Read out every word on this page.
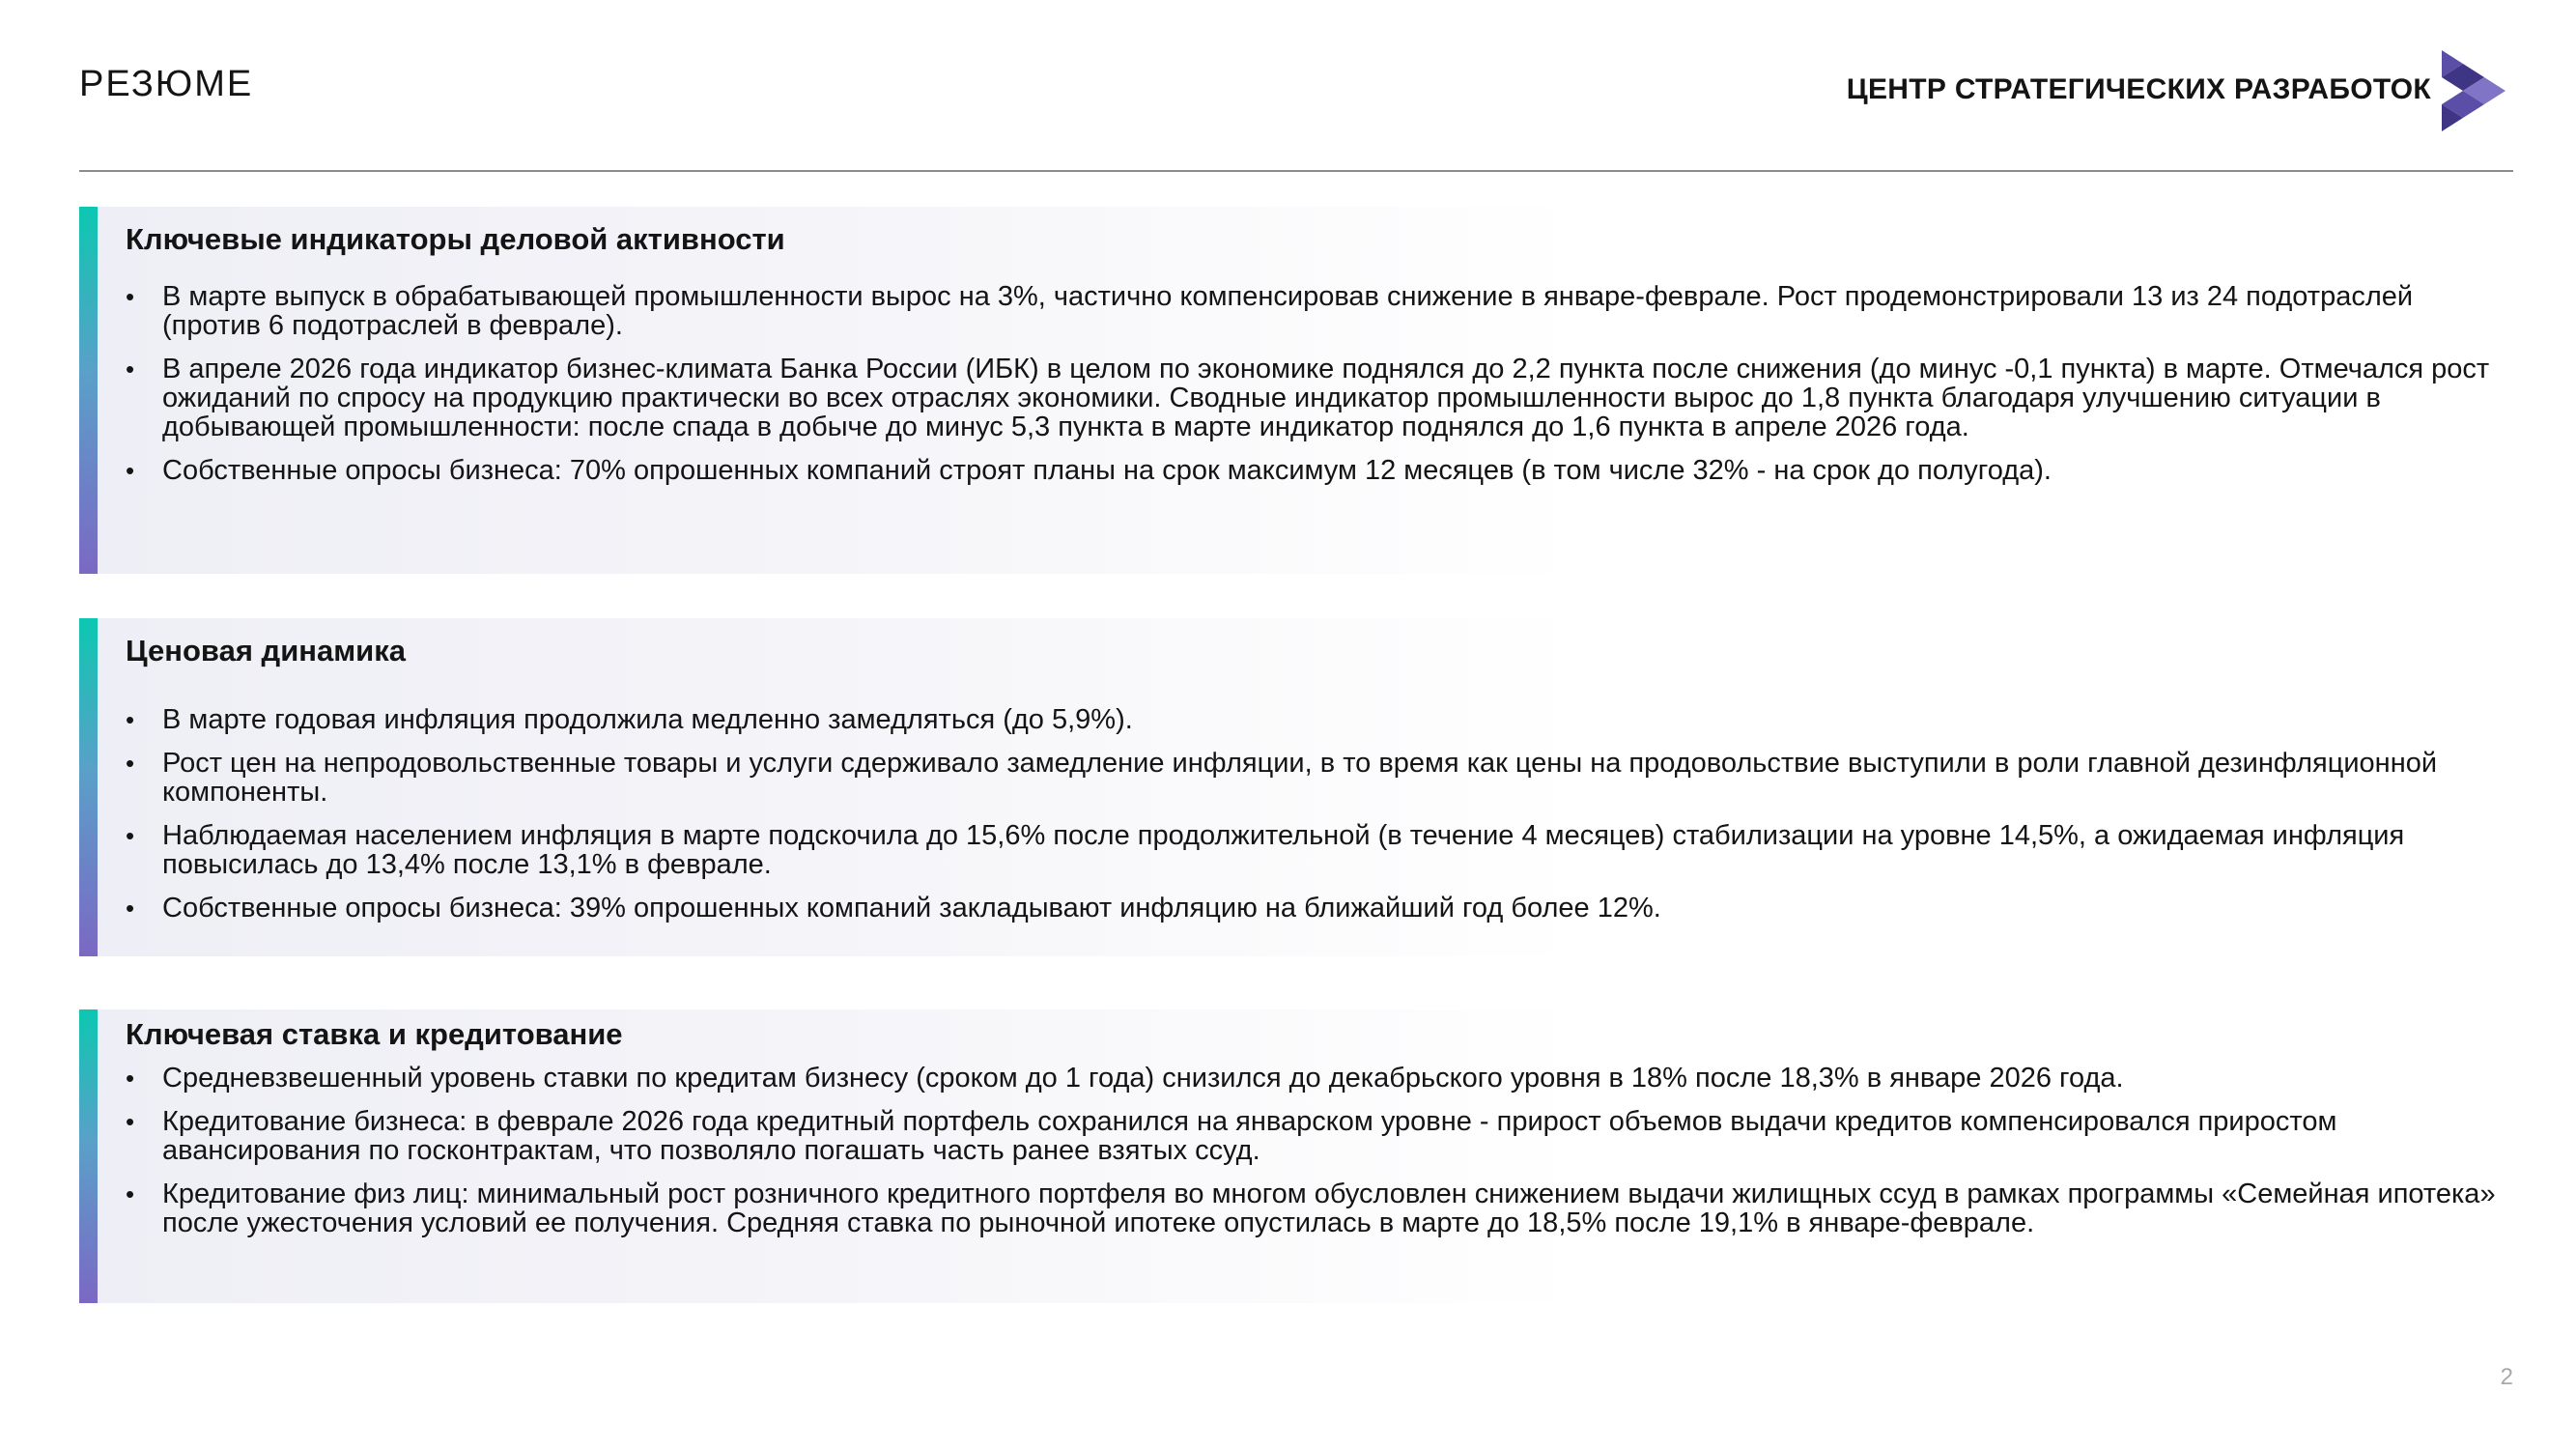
РЕЗЮМЕ	ЦЕНТР СТРАТЕГИЧЕСКИХ РАЗРАБОТОК
Ключевые индикаторы деловой активности
• В марте выпуск в обрабатывающей промышленности вырос на 3%, частично компенсировав снижение в январе-феврале. Рост продемонстрировали 13 из 24 подотраслей (против 6 подотраслей в феврале).
• В апреле 2026 года индикатор бизнес-климата Банка России (ИБК) в целом по экономике поднялся до 2,2 пункта после снижения (до минус -0,1 пункта) в марте. Отмечался рост ожиданий по спросу на продукцию практически во всех отраслях экономики. Сводные индикатор промышленности вырос до 1,8 пункта благодаря улучшению ситуации в добывающей промышленности: после спада в добыче до минус 5,3 пункта в марте индикатор поднялся до 1,6 пункта в апреле 2026 года.
• Собственные опросы бизнеса: 70% опрошенных компаний строят планы на срок максимум 12 месяцев (в том числе 32% - на срок до полугода).
Ценовая динамика
• В марте годовая инфляция продолжила медленно замедляться (до 5,9%).
• Рост цен на непродовольственные товары и услуги сдерживало замедление инфляции, в то время как цены на продовольствие выступили в роли главной дезинфляционной компоненты.
• Наблюдаемая населением инфляция в марте подскочила до 15,6% после продолжительной (в течение 4 месяцев) стабилизации на уровне 14,5%, а ожидаемая инфляция повысилась до 13,4% после 13,1% в феврале.
• Собственные опросы бизнеса: 39% опрошенных компаний закладывают инфляцию на ближайший год более 12%.
Ключевая ставка и кредитование
• Средневзвешенный уровень ставки по кредитам бизнесу (сроком до 1 года) снизился до декабрьского уровня в 18% после 18,3% в январе 2026 года.
• Кредитование бизнеса: в феврале 2026 года кредитный портфель сохранился на январском уровне - прирост объемов выдачи кредитов компенсировался приростом авансирования по госконтрактам, что позволяло погашать часть ранее взятых ссуд.
• Кредитование физ лиц: минимальный рост розничного кредитного портфеля во многом обусловлен снижением выдачи жилищных ссуд в рамках программы «Семейная ипотека» после ужесточения условий ее получения. Средняя ставка по рыночной ипотеке опустилась в марте до 18,5% после 19,1% в январе-феврале.
2
